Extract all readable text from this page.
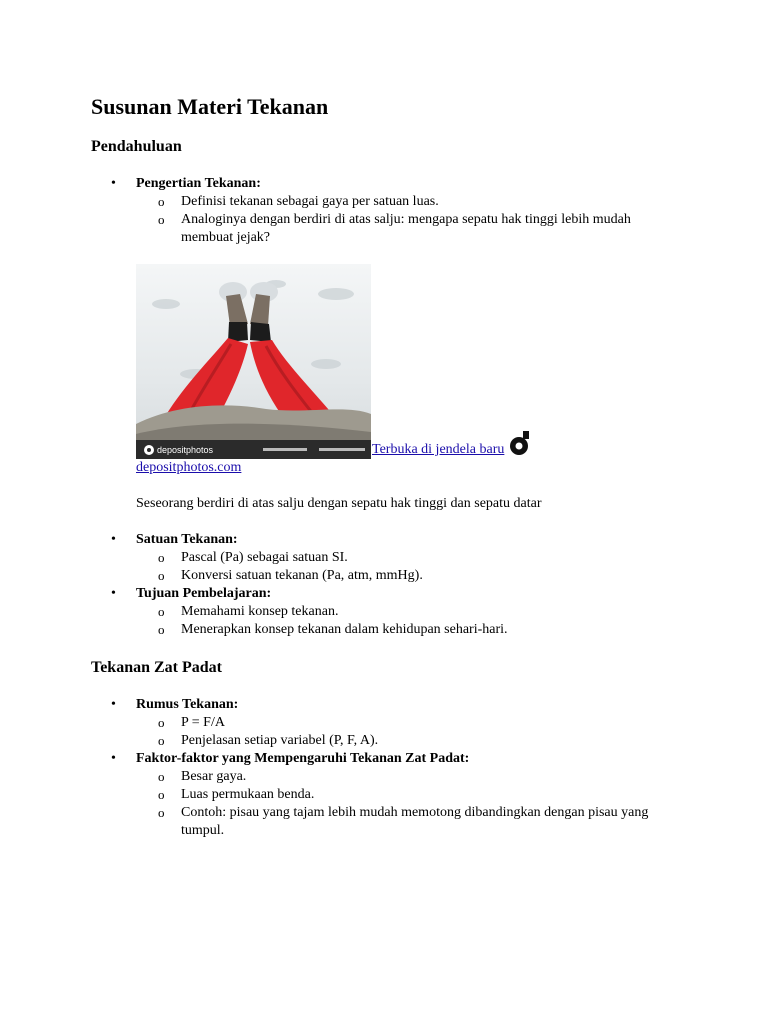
Susunan Materi Tekanan
Pendahuluan
• Pengertian Tekanan:
o Definisi tekanan sebagai gaya per satuan luas.
o Analoginya dengan berdiri di atas salju: mengapa sepatu hak tinggi lebih mudah membuat jejak?
depositphotos	Terbuka di jendela baru
depositphotos.com
Seseorang berdiri di atas salju dengan sepatu hak tinggi dan sepatu datar
• Satuan Tekanan:
o Pascal (Pa) sebagai satuan SI.
o Konversi satuan tekanan (Pa, atm, mmHg).
• Tujuan Pembelajaran:
o Memahami konsep tekanan.
o Menerapkan konsep tekanan dalam kehidupan sehari-hari.
Tekanan Zat Padat
• Rumus Tekanan:
o P = F/A
o Penjelasan setiap variabel (P, F, A).
• Faktor-faktor yang Mempengaruhi Tekanan Zat Padat:
o Besar gaya.
o Luas permukaan benda.
o Contoh: pisau yang tajam lebih mudah memotong dibandingkan dengan pisau yang tumpul.
